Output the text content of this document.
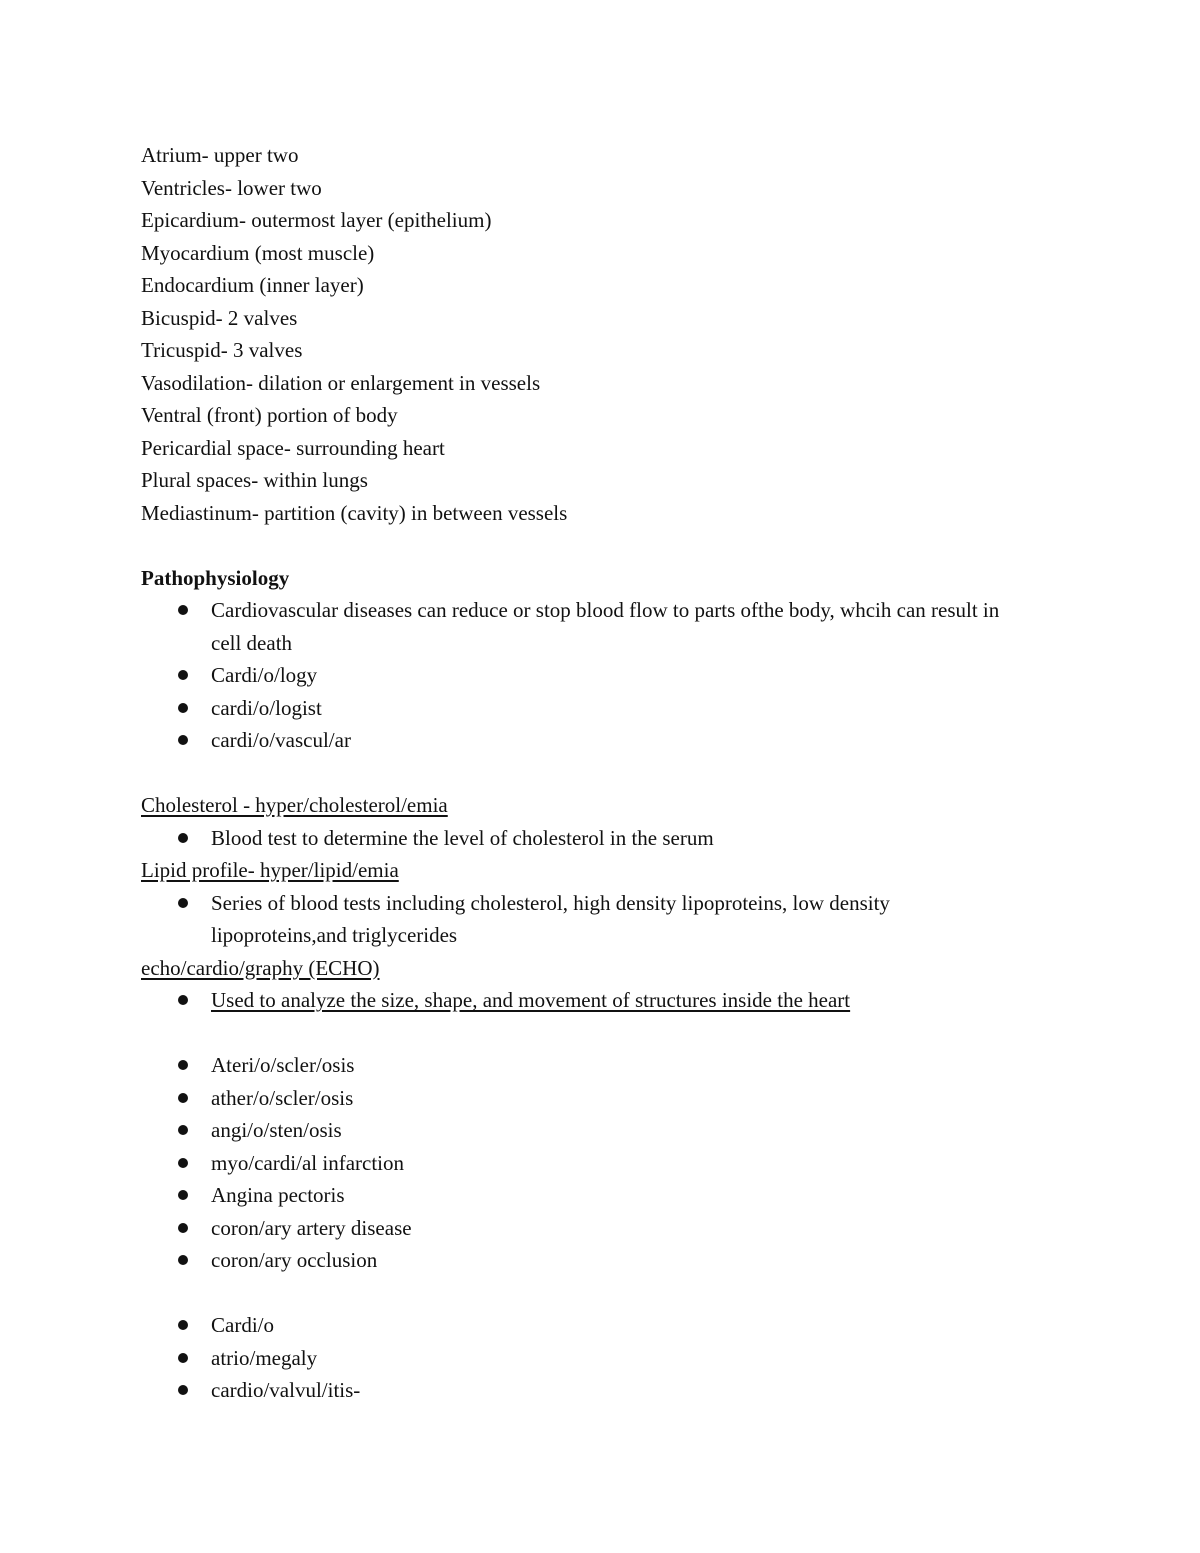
Atrium- upper two

Ventricles- lower two

Epicardium- outermost layer (epithelium)

Myocardium (most muscle)

Endocardium (inner layer)

Bicuspid- 2 valves

Tricuspid- 3 valves

Vasodilation- dilation or enlargement in vessels

Ventral (front) portion of body

Pericardial space- surrounding heart

Plural spaces- within lungs

Mediastinum- partition (cavity) in between vessels

Pathophysiology

Cardiovascular diseases can reduce or stop blood flow to parts ofthe body, whcih can result in cell death
Cardi/o/logy
cardi/o/logist
cardi/o/vascul/ar

Cholesterol - hyper/cholesterol/emia

Blood test to determine the level of cholesterol in the serum

Lipid profile- hyper/lipid/emia

Series of blood tests including cholesterol, high density lipoproteins, low density lipoproteins,and triglycerides

echo/cardio/graphy (ECHO)

Used to analyze the size, shape, and movement of structures inside the heart
Ateri/o/scler/osis
ather/o/scler/osis
angi/o/sten/osis
myo/cardi/al infarction
Angina pectoris
coron/ary artery disease
coron/ary occlusion
Cardi/o
atrio/megaly
cardio/valvul/itis-
